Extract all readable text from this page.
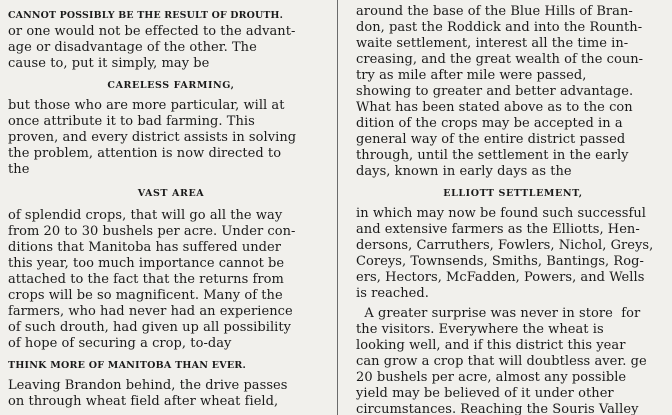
CANNOT POSSIBLY BE THE RESULT OF DROUTH.
or one would not be effected to the advant-
age or disadvantage of the other. The
cause to, put it simply, may be
CARELESS FARMING,
but those who are more particular, will at
once attribute it to bad farming. This
proven, and every district assists in solving
the problem, attention is now directed to
the
VAST AREA
of splendid crops, that will go all the way
from 20 to 30 bushels per acre. Under con-
ditions that Manitoba has suffered under
this year, too much importance cannot be
attached to the fact that the returns from
crops will be so magnificent. Many of the
farmers, who had never had an experience
of such drouth, had given up all possibility
of hope of securing a crop, to-day
THINK MORE OF MANITOBA THAN EVER.
Leaving Brandon behind, the drive passes
on through wheat field after wheat field,
around the base of the Blue Hills of Bran-
don, past the Roddick and into the Rounth-
waite settlement, interest all the time in-
creasing, and the great wealth of the coun-
try as mile after mile were passed,
showing to greater and better advantage.
What has been stated above as to the con
dition of the crops may be accepted in a
general way of the entire district passed
through, until the settlement in the early
days, known in early days as the
ELLIOTT SETTLEMENT,
in which may now be found such successful
and extensive farmers as the Elliotts, Hen-
dersons, Carruthers, Fowlers, Nichol, Greys,
Coreys, Townsends, Smiths, Bantings, Rog-
ers, Hectors, McFadden, Powers, and Wells
is reached.
A greater surprise was never in store  for
the visitors. Everywhere the wheat is
looking well, and if this district this year
can grow a crop that will doubtless aver. ge
20 bushels per acre, almost any possible
yield may be believed of it under other
circumstances. Reaching the Souris Valley
